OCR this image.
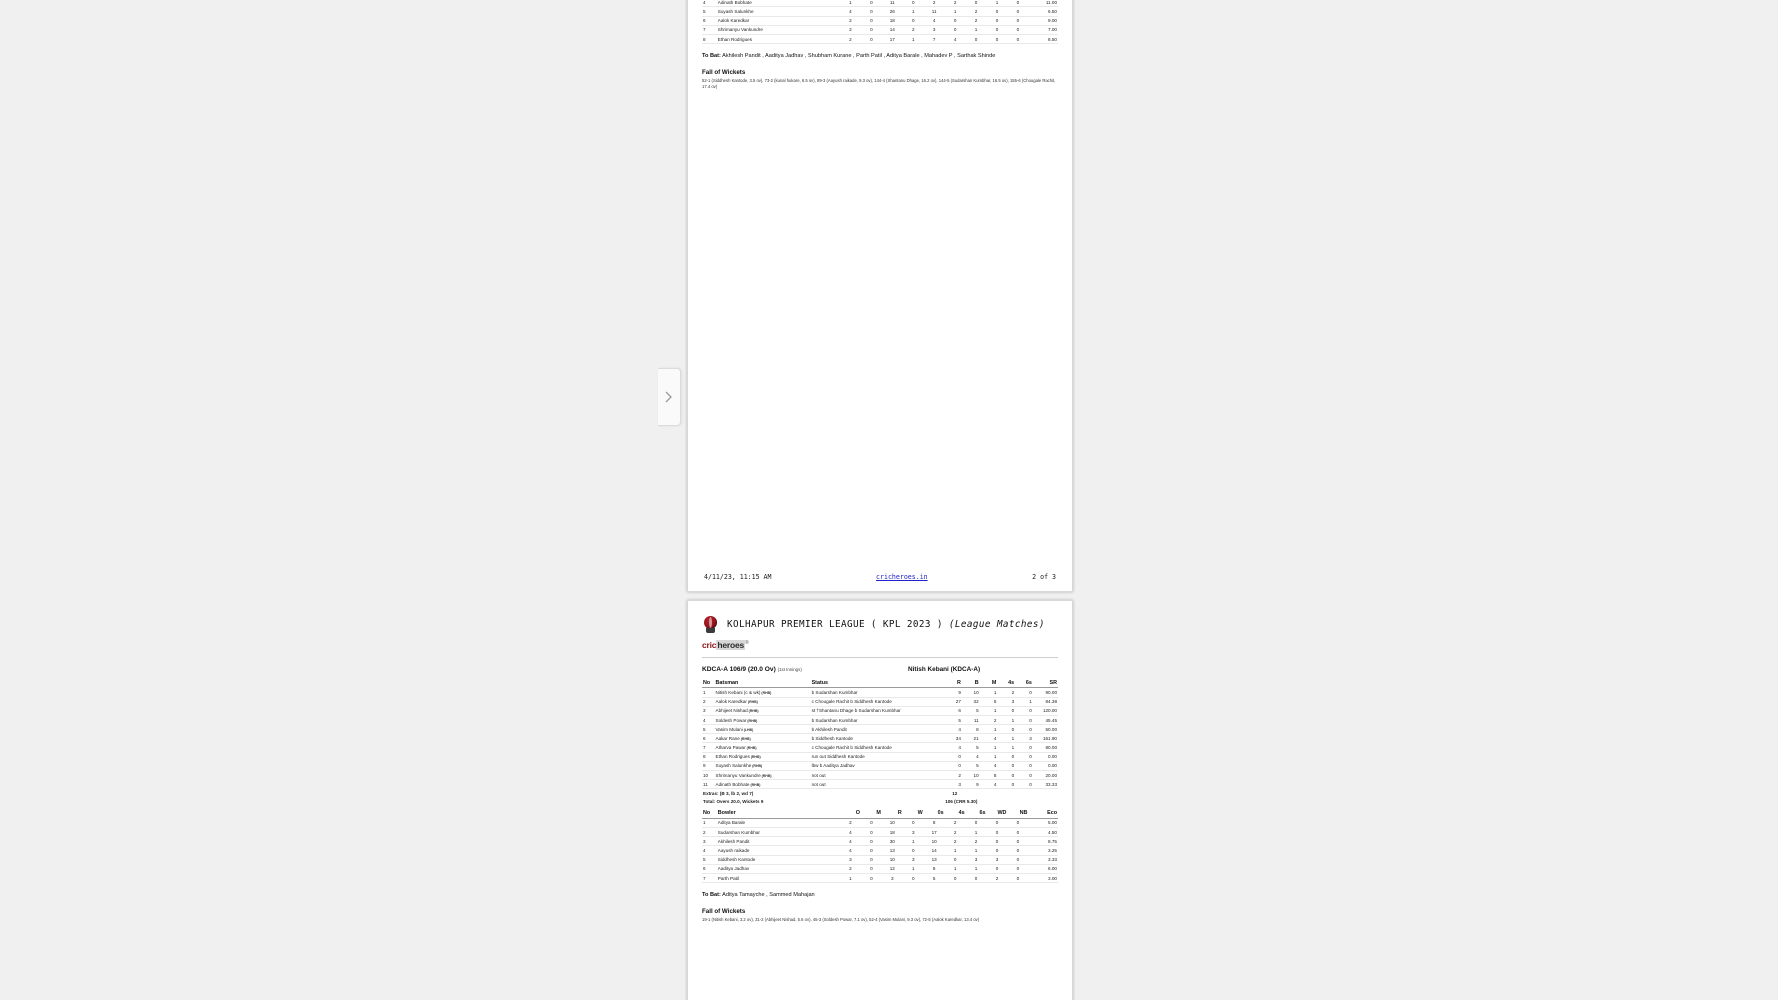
4	Adinath Bobhate	1	0	11	0	2	2	0	1	0	11.00
5	Suyash Salunkhe	4	0	26	1	11	1	2	0	0	6.50
6	Aalok Karedkar	2	0	18	0	4	0	2	0	0	9.00
7	Shrimanyu Vankundre	2	0	14	2	3	0	1	0	0	7.00
8	Ethan Rodrigues	2	0	17	1	7	4	0	0	0	8.50
To Bat: Akhilesh Pandit , Aaditya Jadhav , Shubham Kurane , Parth Patil , Aditya Barale , Mahadev P , Sarthak Shinde
Fall of Wickets
52-1 (Siddhesh Kantode, 3.5 ov), 73-2 (kunal hukare, 6.5 ov), 89-3 (Aayush raikade, 9.3 ov), 144-4 (Shantanu Dhage, 16.2 ov), 144-5 (Sudarshan Kumbhar, 16.5 ov), 155-6 (Chougale Rachit, 17.4 ov)
4/11/23, 11:15 AM	cricheroes.in	2 of 3
KOLHAPUR PREMIER LEAGUE ( KPL 2023 ) (League Matches)
cricheroes®
KDCA-A 106/9 (20.0 Ov) (1st Innings)	Nitish Kebani (KDCA-A)
No	Batsman	Status	R	B	M	4s	6s	SR
1	Nitish Kebani (c & wk) (RHB)	b Sudarshan Kumbhar	9	10	1	2	0	90.00
2	Aalok Karedkar (RHB)	c Chougale Rachit b Siddhesh Kantode	27	32	5	3	1	84.38
3	Abhijeet Nishad (RHB)	st †Shantanu Dhage b Sudarshan Kumbhar	6	5	1	0	0	120.00
4	Soldesh Powar (RHB)	b Sudarshan Kumbhar	5	11	2	1	0	45.45
5	Vasim Mulani (LHB)	b Akhilesh Pandit	4	8	1	0	0	50.00
6	Aakar Rane (RHB)	b Siddhesh Kantode	34	21	4	1	3	161.90
7	Atharva Pawar (RHB)	c Chougale Rachit b Siddhesh Kantode	4	5	1	1	0	80.00
8	Ethan Rodrigues (RHB)	run out Siddhesh Kantode	0	4	1	0	0	0.00
9	Suyash Salunkhe (RHB)	lbw b Aaditya Jadhav	0	5	4	0	0	0.00
10	Shrimanyu Vankundre (RHB)	not out	2	10	8	0	0	20.00
11	Adinath Bobhate (RHB)	not out	3	9	4	0	0	33.33
Extras: (B 3, lb 2, wd 7)			12					
Total: Overs 20.0, Wickets 9			106 (CRR 5.30)					
No	Bowler	O	M	R	W	0s	4s	6s	WD	NB	Eco
1	Aditya Barale	2	0	10	0	8	2	0	0	0	5.00
2	Sudarshan Kumbhar	4	0	18	3	17	2	1	0	0	4.50
3	Akhilesh Pandit	4	0	30	1	10	2	2	0	0	8.75
4	Aayush raikade	4	0	13	0	14	1	1	0	0	3.25
5	Siddhesh Kantode	3	0	10	3	13	0	3	3	0	3.33
6	Aaditya Jadhav	2	0	12	1	8	1	1	0	0	6.00
7	Parth Patil	1	0	3	0	5	0	0	2	0	3.00
To Bat: Aditya Tamayche , Sammed Mahajan
Fall of Wickets
19-1 (Nitish Kebani, 3.2 ov), 31-2 (Abhijeet Nishad, 5.6 ov), 45-3 (Soldesh Powar, 7.1 ov), 52-4 (Vasim Mulani, 9.3 ov), 72-5 (Aalok Karedkar, 13.4 ov)
